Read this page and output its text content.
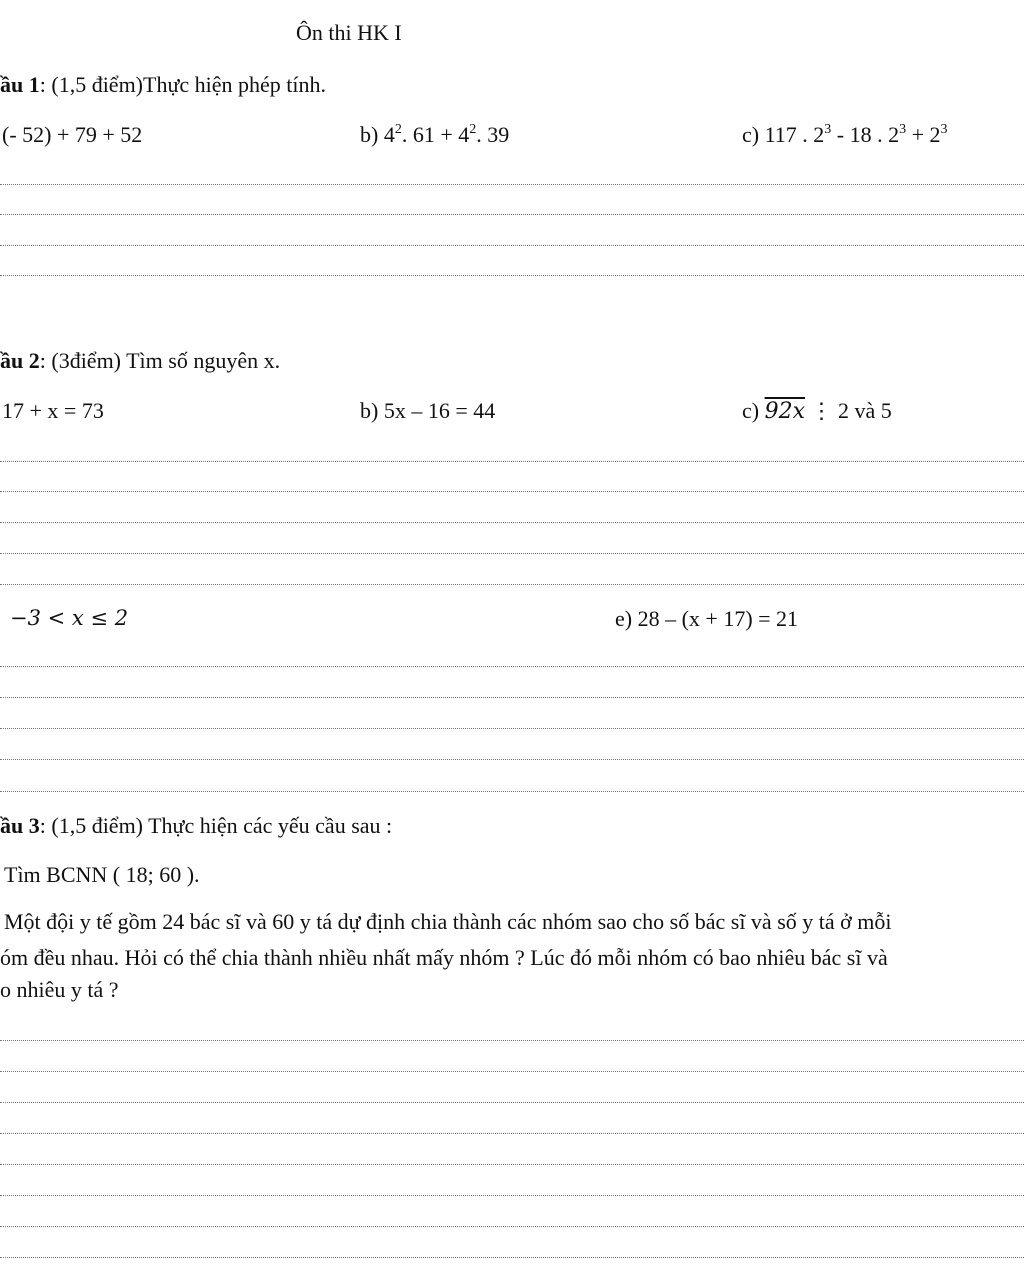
Ôn thi HK I
ầu 1: (1,5 điểm)Thực hiện phép tính.
(- 52) + 79 + 52	b) $4^2$. $61 + 4^2$. 39	c) 117 . $2^3 - 18$ . $2^3 + 2^3$
ầu 2: (3điểm) Tìm số nguyên x.
17 + x = 73	b) 5x – 16 = 44	c) 92x ⋮ 2 và 5
−3 < x ≤ 2	e) 28 – (x + 17) = 21
ầu 3: (1,5 điểm) Thực hiện các yếu cầu sau :
Tìm BCNN ( 18; 60 ).
Một đội y tế gồm 24 bác sĩ và 60 y tá dự định chia thành các nhóm sao cho số bác sĩ và số y tá ở mỗi
óm đều nhau. Hỏi có thể chia thành nhiều nhất mấy nhóm ? Lúc đó mỗi nhóm có bao nhiêu bác sĩ và
o nhiêu y tá ?
